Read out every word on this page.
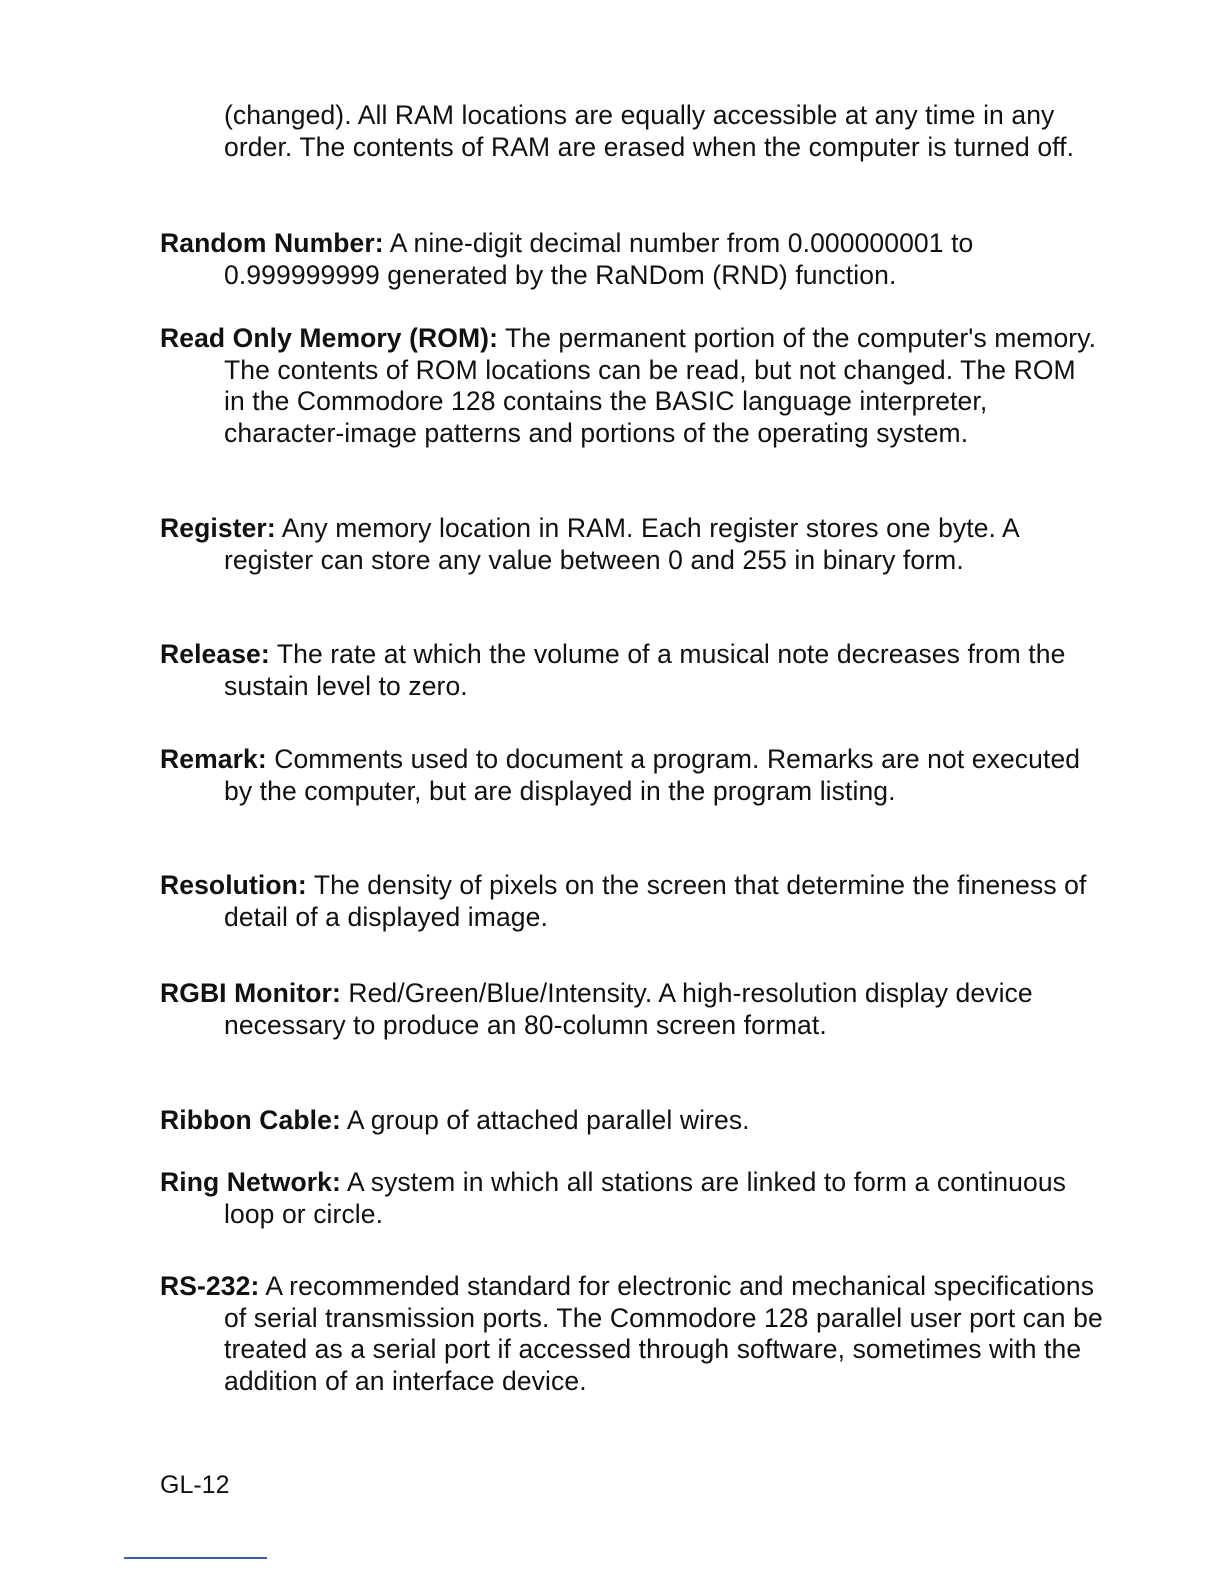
(changed). All RAM locations are equally accessible at any time in any order. The contents of RAM are erased when the computer is turned off.

Random Number: A nine-digit decimal number from 0.000000001 to 0.999999999 generated by the RaNDom (RND) function.

Read Only Memory (ROM): The permanent portion of the computer's memory. The contents of ROM locations can be read, but not changed. The ROM in the Commodore 128 contains the BASIC language interpreter, character-image patterns and portions of the operating system.

Register: Any memory location in RAM. Each register stores one byte. A register can store any value between 0 and 255 in binary form.

Release: The rate at which the volume of a musical note decreases from the sustain level to zero.

Remark: Comments used to document a program. Remarks are not executed by the computer, but are displayed in the program listing.

Resolution: The density of pixels on the screen that determine the fineness of detail of a displayed image.

RGBI Monitor: Red/Green/Blue/Intensity. A high-resolution display device necessary to produce an 80-column screen format.

Ribbon Cable: A group of attached parallel wires.

Ring Network: A system in which all stations are linked to form a continuous loop or circle.

RS-232: A recommended standard for electronic and mechanical specifications of serial transmission ports. The Commodore 128 parallel user port can be treated as a serial port if accessed through software, sometimes with the addition of an interface device.

GL-12
